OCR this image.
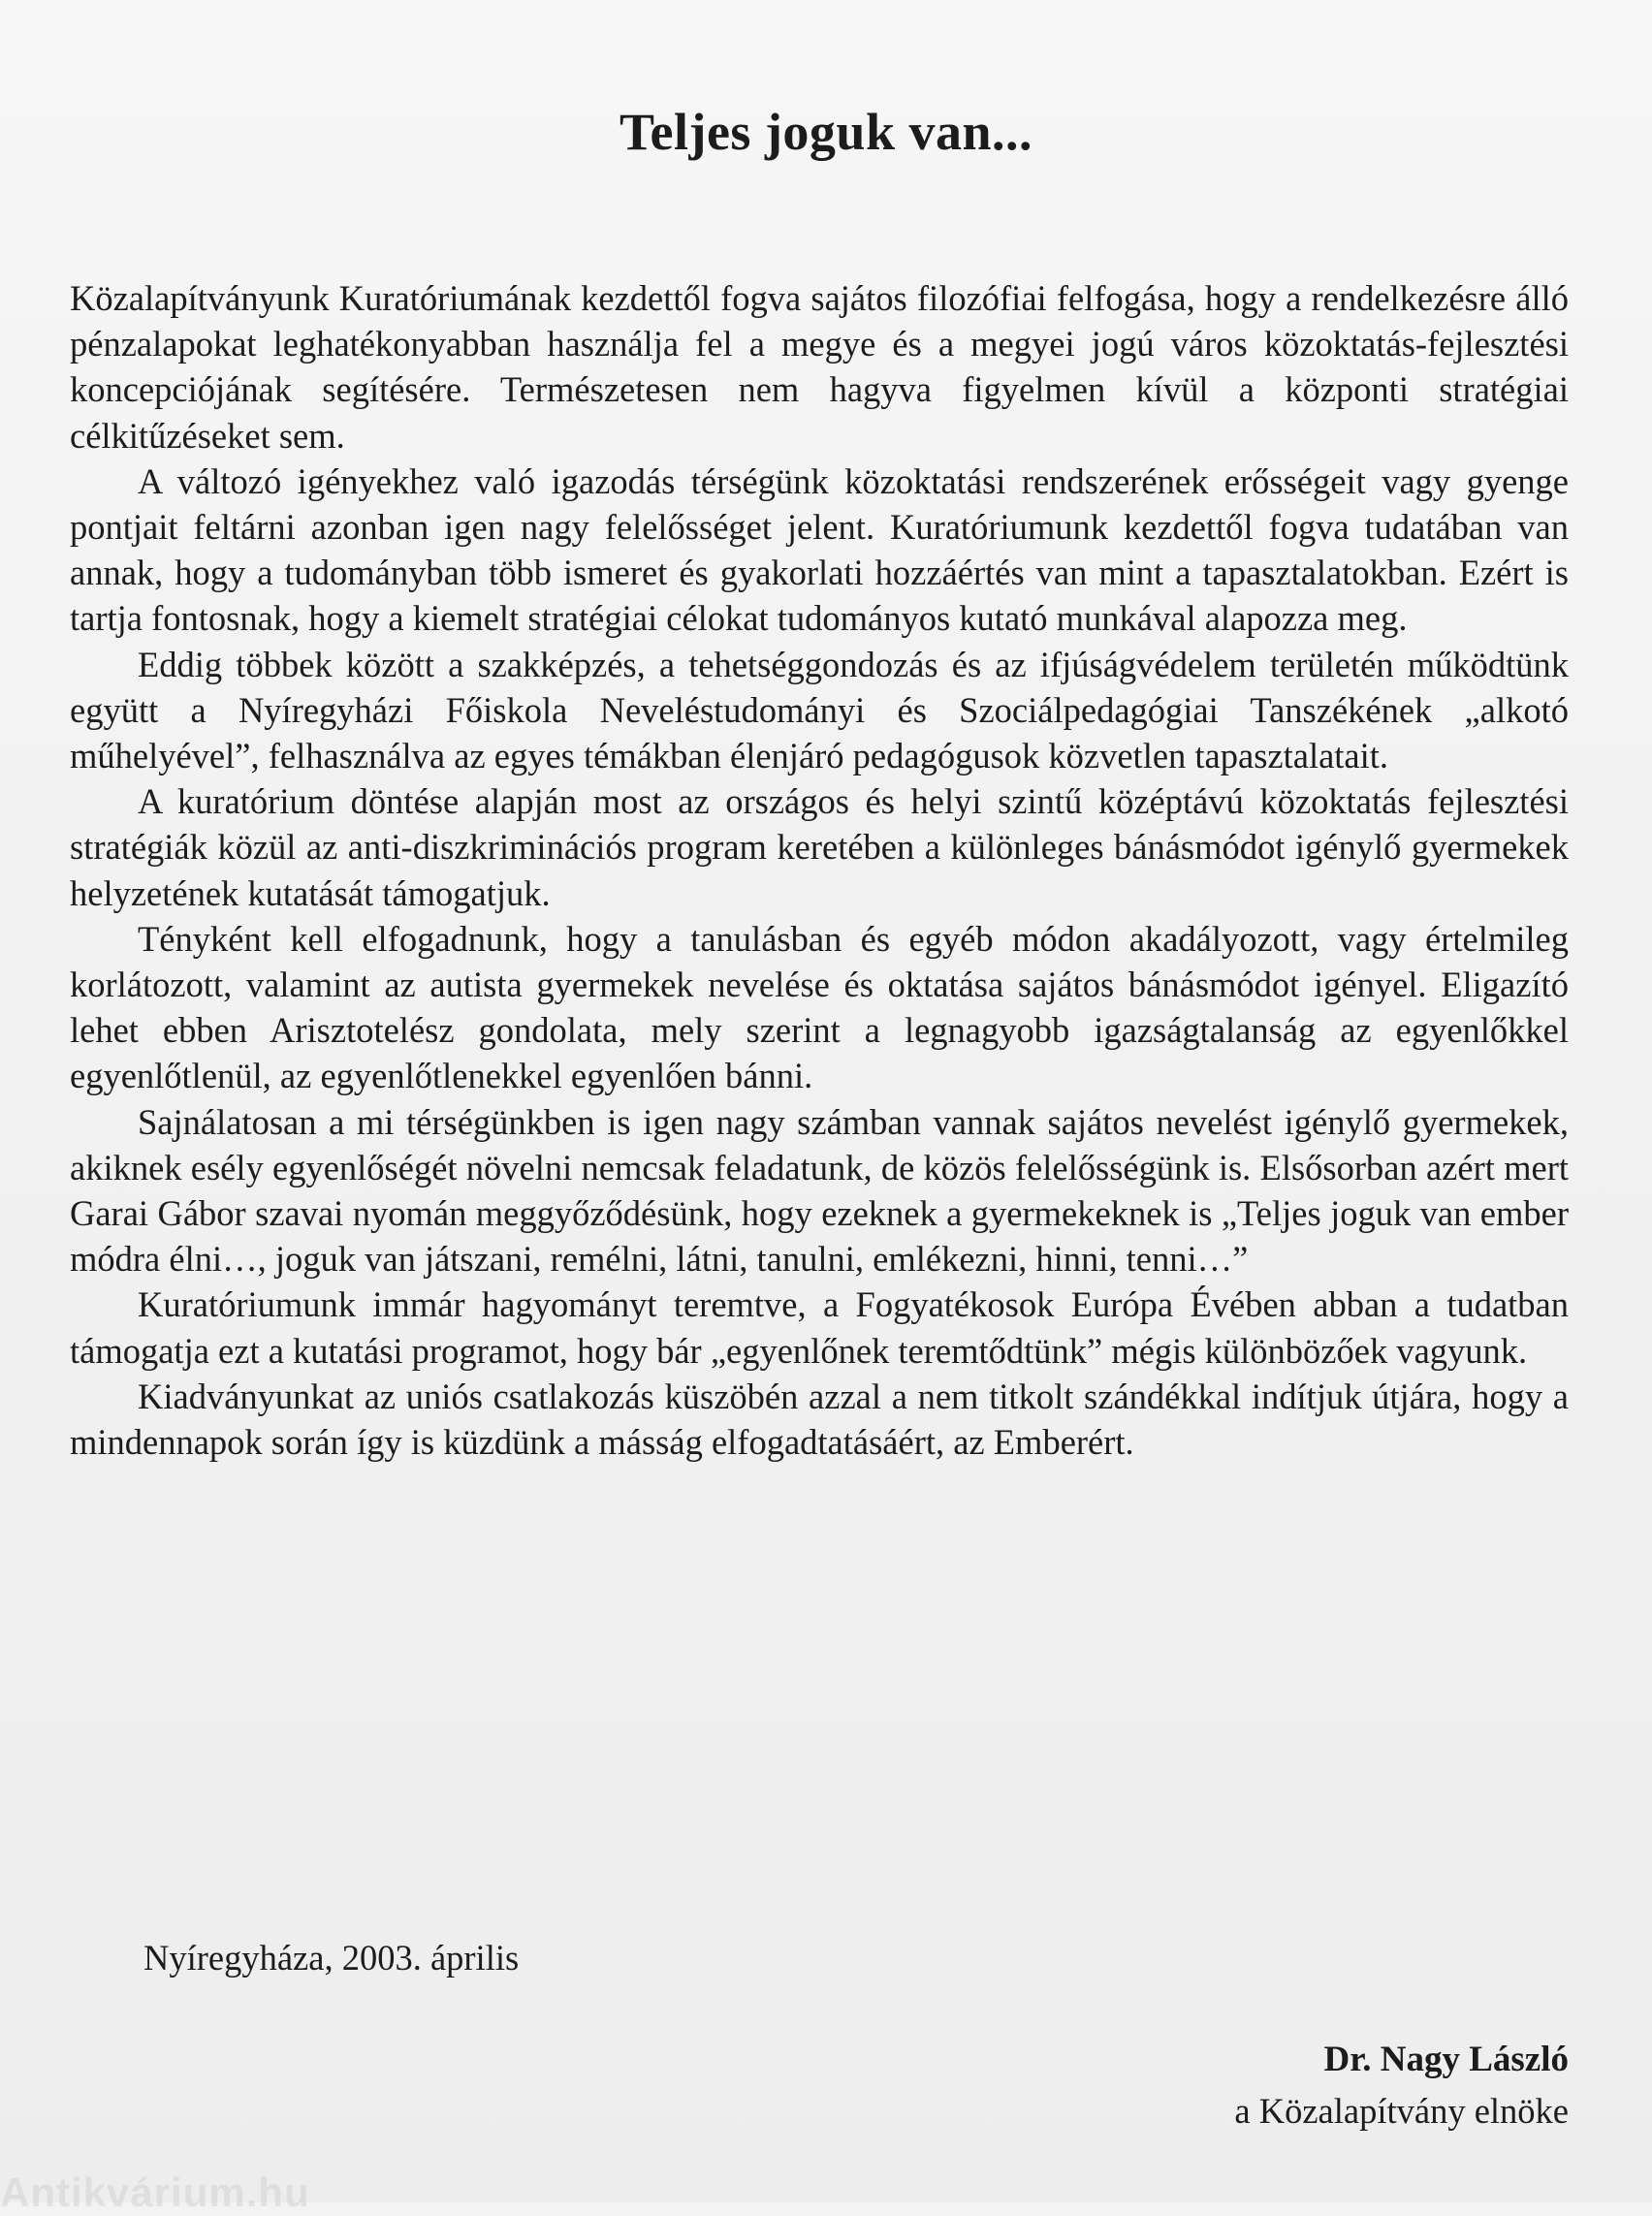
Teljes joguk van...

Közalapítványunk Kuratóriumának kezdettől fogva sajátos filozófiai felfogása, hogy a rendelkezésre álló pénzalapokat leghatékonyabban használja fel a megye és a megyei jogú város közoktatás-fejlesztési koncepciójának segítésére. Természetesen nem hagyva figyelmen kívül a központi stratégiai célkitűzéseket sem.

A változó igényekhez való igazodás térségünk közoktatási rendszerének erősségeit vagy gyenge pontjait feltárni azonban igen nagy felelősséget jelent. Kuratóriumunk kezdettől fogva tudatában van annak, hogy a tudományban több ismeret és gyakorlati hozzáértés van mint a tapasztalatokban. Ezért is tartja fontosnak, hogy a kiemelt stratégiai célokat tudományos kutató munkával alapozza meg.

Eddig többek között a szakképzés, a tehetséggondozás és az ifjúságvédelem területén működtünk együtt a Nyíregyházi Főiskola Neveléstudományi és Szociálpedagógiai Tanszékének „alkotó műhelyével”, felhasználva az egyes témákban élenjáró pedagógusok közvetlen tapasztalatait.

A kuratórium döntése alapján most az országos és helyi szintű középtávú közoktatás fejlesztési stratégiák közül az anti-diszkriminációs program keretében a különleges bánásmódot igénylő gyermekek helyzetének kutatását támogatjuk.

Tényként kell elfogadnunk, hogy a tanulásban és egyéb módon akadályozott, vagy értelmileg korlátozott, valamint az autista gyermekek nevelése és oktatása sajátos bánásmódot igényel. Eligazító lehet ebben Arisztotelész gondolata, mely szerint a legnagyobb igazságtalanság az egyenlőkkel egyenlőtlenül, az egyenlőtlenekkel egyenlően bánni.

Sajnálatosan a mi térségünkben is igen nagy számban vannak sajátos nevelést igénylő gyermekek, akiknek esély egyenlőségét növelni nemcsak feladatunk, de közös felelősségünk is. Elsősorban azért mert Garai Gábor szavai nyomán meggyőződésünk, hogy ezeknek a gyermekeknek is „Teljes joguk van ember módra élni…, joguk van játszani, remélni, látni, tanulni, emlékezni, hinni, tenni…”

Kuratóriumunk immár hagyományt teremtve, a Fogyatékosok Európa Évében abban a tudatban támogatja ezt a kutatási programot, hogy bár „egyenlőnek teremtődtünk” mégis különbözőek vagyunk.

Kiadványunkat az uniós csatlakozás küszöbén azzal a nem titkolt szándékkal indítjuk útjára, hogy a mindennapok során így is küzdünk a másság elfogadtatásáért, az Emberért.

Nyíregyháza, 2003. április

Dr. Nagy László

a Közalapítvány elnöke

Antikvárium.hu
